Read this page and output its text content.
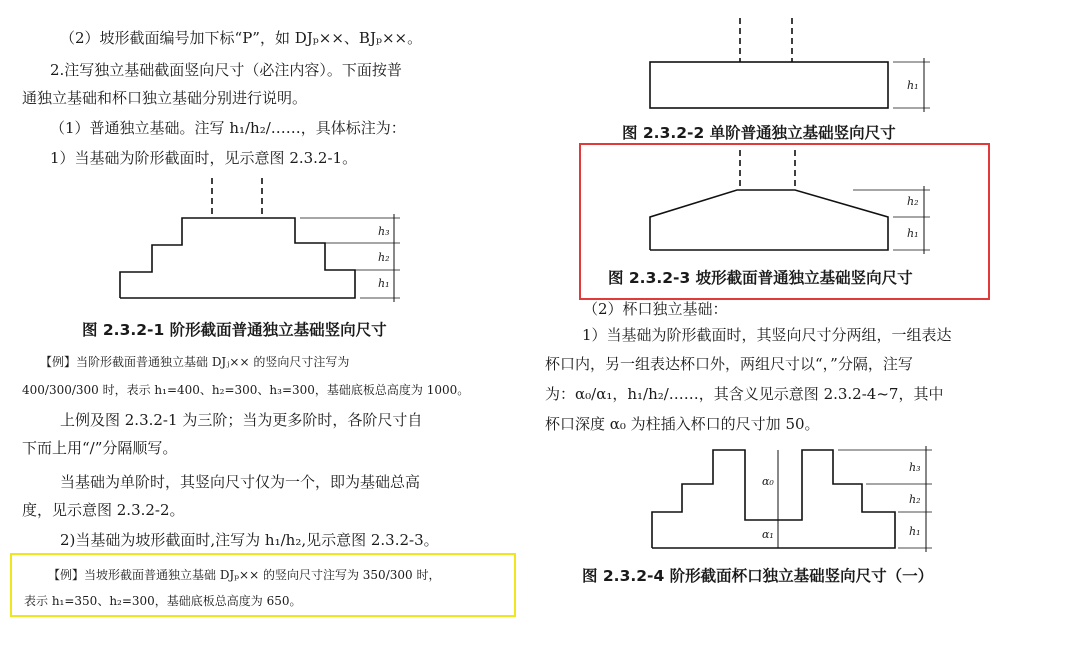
（2）坡形截面编号加下标“P”，如 DJₚ××、BJₚ××。
2.注写独立基础截面竖向尺寸（必注内容）。下面按普
通独立基础和杯口独立基础分别进行说明。
（1）普通独立基础。注写 h₁/h₂/……，具体标注为：
1）当基础为阶形截面时，见示意图 2.3.2-1。
h₃
h₂
h₁
图 2.3.2-1 阶形截面普通独立基础竖向尺寸
【例】当阶形截面普通独立基础 DJⱼ×× 的竖向尺寸注写为
400/300/300 时，表示 h₁=400、h₂=300、h₃=300，基础底板总高度为 1000。
上例及图 2.3.2-1 为三阶；当为更多阶时，各阶尺寸自
下而上用“/”分隔顺写。
当基础为单阶时，其竖向尺寸仅为一个，即为基础总高
度，见示意图 2.3.2-2。
2)当基础为坡形截面时,注写为 h₁/h₂,见示意图 2.3.2-3。
【例】当坡形截面普通独立基础 DJₚ×× 的竖向尺寸注写为 350/300 时，
表示 h₁=350、h₂=300，基础底板总高度为 650。
h₁
图 2.3.2-2 单阶普通独立基础竖向尺寸
h₂
h₁
图 2.3.2-3 坡形截面普通独立基础竖向尺寸
（2）杯口独立基础：
1）当基础为阶形截面时，其竖向尺寸分两组，一组表达
杯口内，另一组表达杯口外，两组尺寸以“，”分隔，注写
为：α₀/α₁，h₁/h₂/……，其含义见示意图 2.3.2-4~7，其中
杯口深度 α₀ 为柱插入杯口的尺寸加 50。
α₀
α₁
h₃
h₂
h₁
图 2.3.2-4 阶形截面杯口独立基础竖向尺寸（一）
